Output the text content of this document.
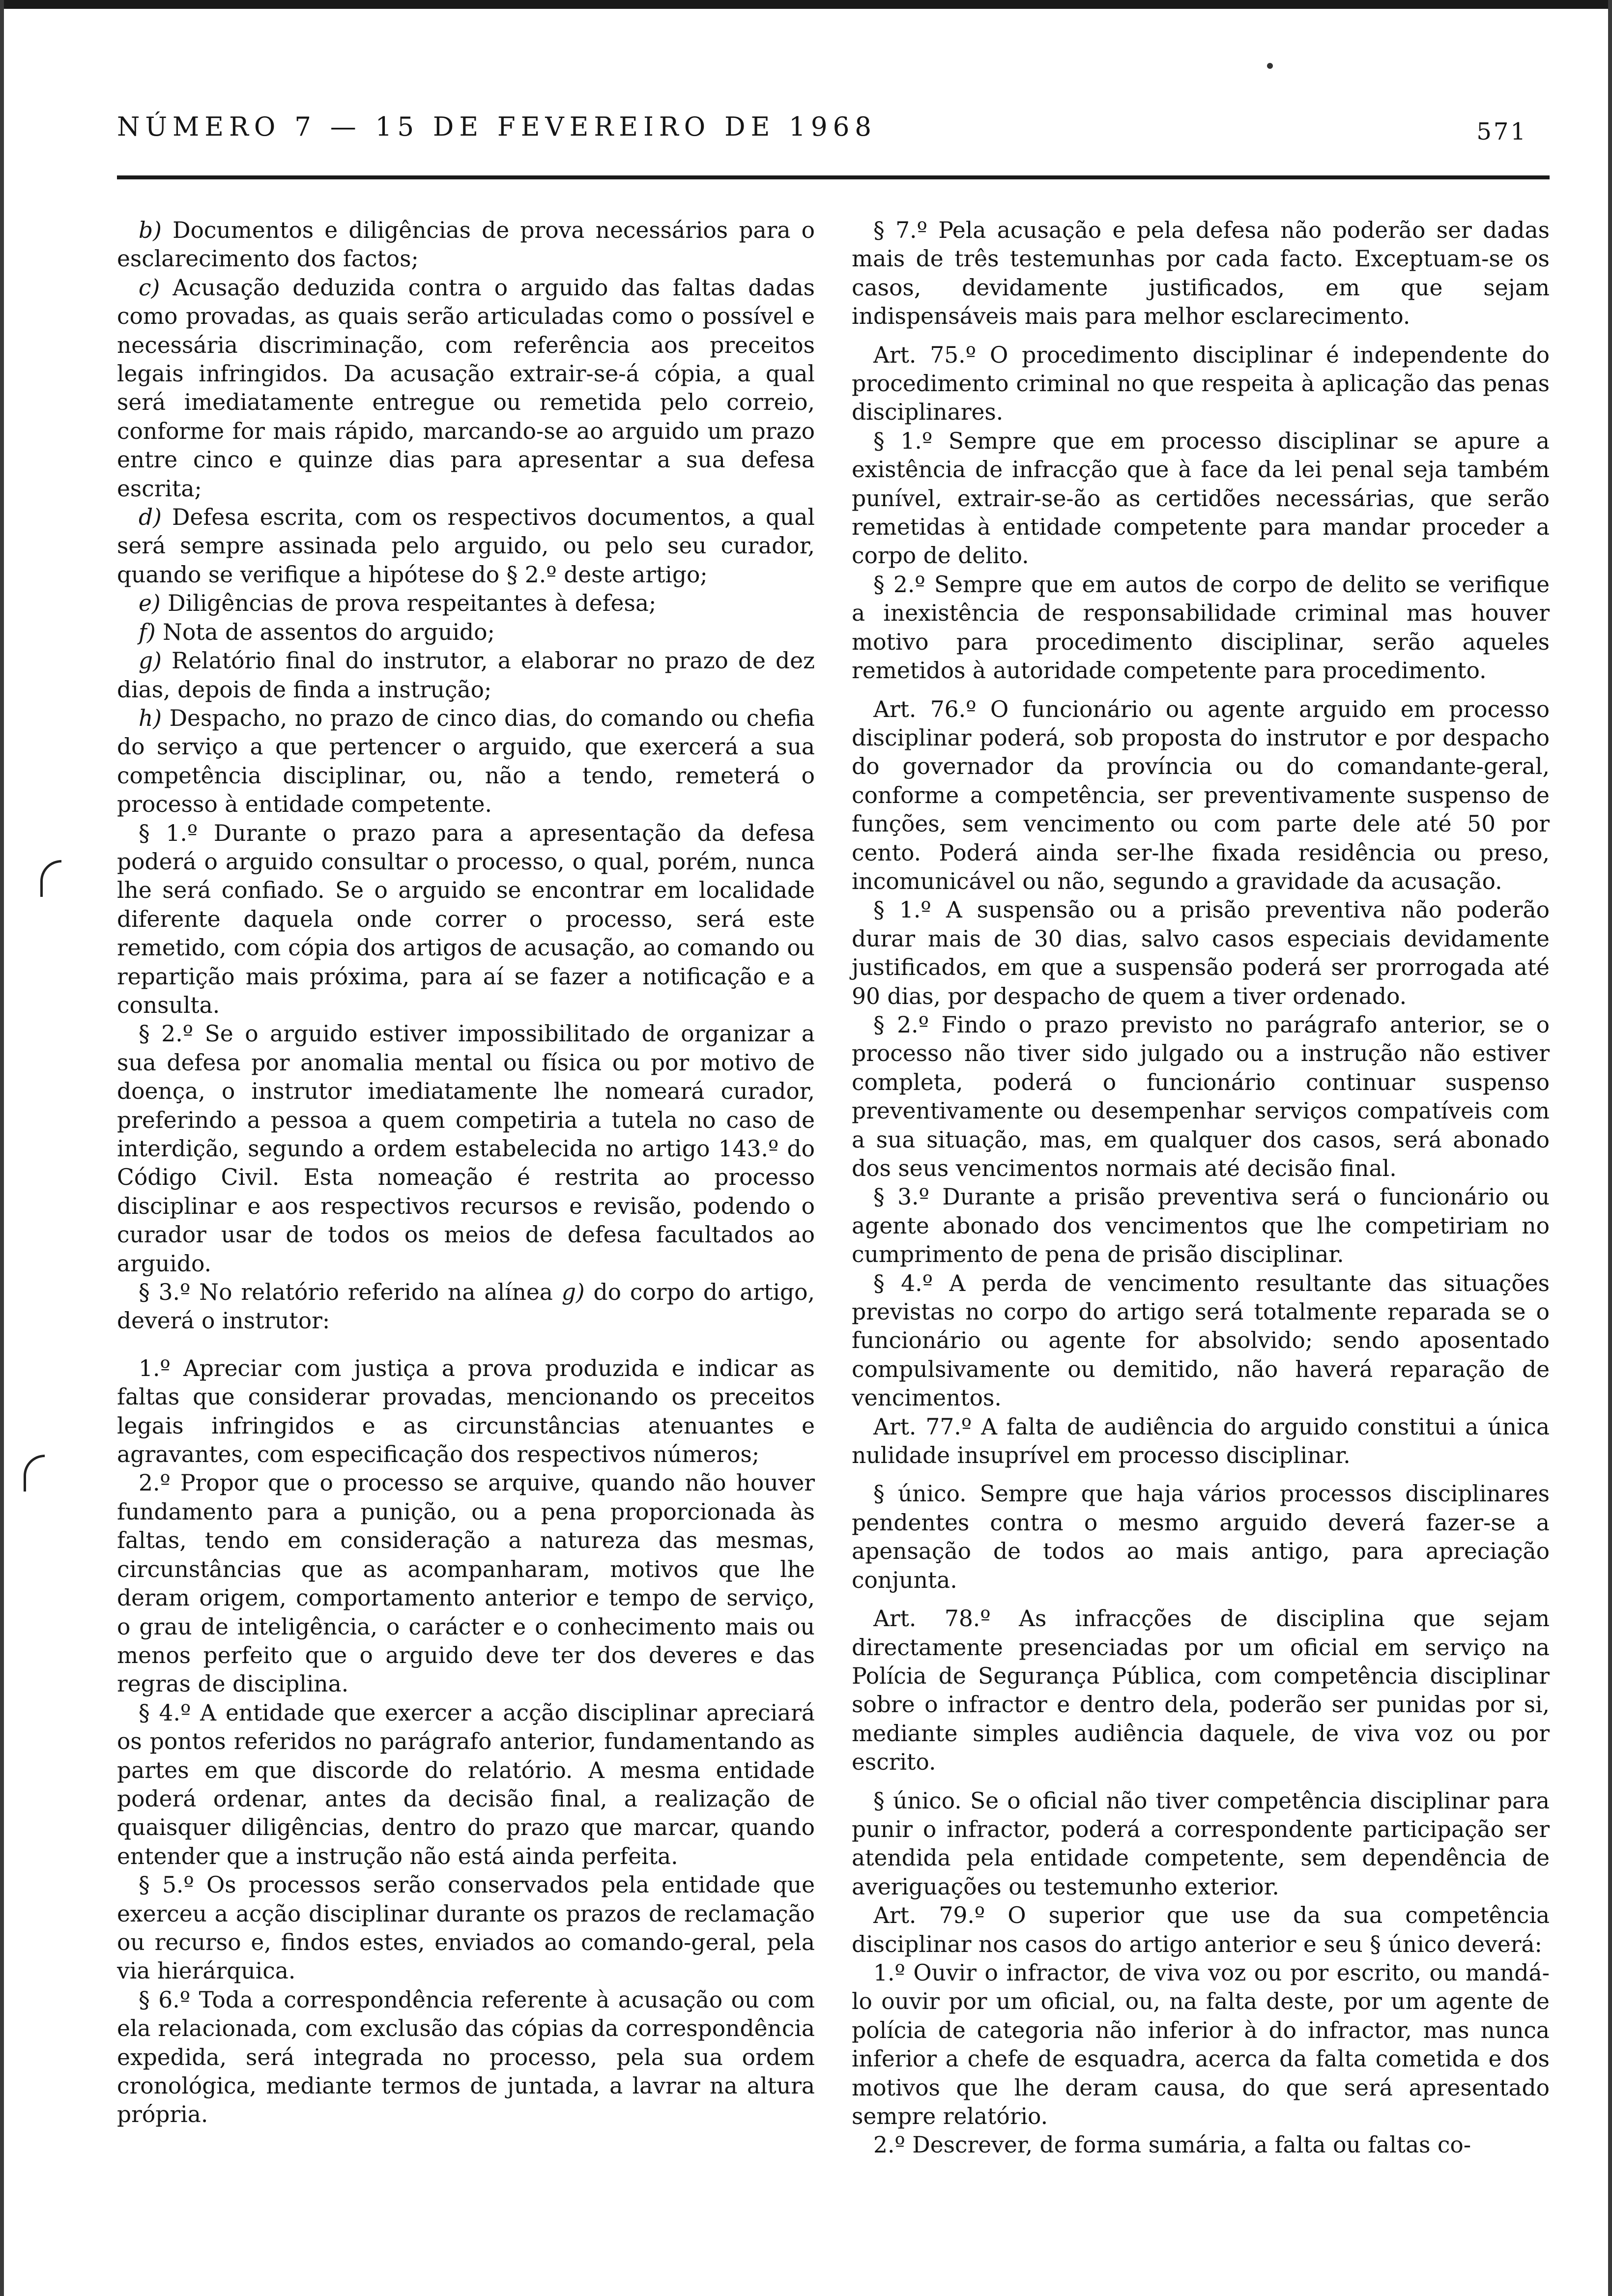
NÚMERO 7 — 15 DE FEVEREIRO DE 1968	571

b) Documentos e diligências de prova necessários para o esclarecimento dos factos;

c) Acusação deduzida contra o arguido das faltas dadas como provadas, as quais serão articuladas como o possível e necessária discriminação, com referência aos preceitos legais infringidos. Da acusação extrair-se-á cópia, a qual será imediatamente entregue ou remetida pelo correio, conforme for mais rápido, marcando-se ao arguido um prazo entre cinco e quinze dias para apresentar a sua defesa escrita;

d) Defesa escrita, com os respectivos documentos, a qual será sempre assinada pelo arguido, ou pelo seu curador, quando se verifique a hipótese do § 2.º deste artigo;

e) Diligências de prova respeitantes à defesa;

f) Nota de assentos do arguido;

g) Relatório final do instrutor, a elaborar no prazo de dez dias, depois de finda a instrução;

h) Despacho, no prazo de cinco dias, do comando ou chefia do serviço a que pertencer o arguido, que exercerá a sua competência disciplinar, ou, não a tendo, remeterá o processo à entidade competente.

§ 1.º Durante o prazo para a apresentação da defesa poderá o arguido consultar o processo, o qual, porém, nunca lhe será confiado. Se o arguido se encontrar em localidade diferente daquela onde correr o processo, será este remetido, com cópia dos artigos de acusação, ao comando ou repartição mais próxima, para aí se fazer a notificação e a consulta.

§ 2.º Se o arguido estiver impossibilitado de organizar a sua defesa por anomalia mental ou física ou por motivo de doença, o instrutor imediatamente lhe nomeará curador, preferindo a pessoa a quem competiria a tutela no caso de interdição, segundo a ordem estabelecida no artigo 143.º do Código Civil. Esta nomeação é restrita ao processo disciplinar e aos respectivos recursos e revisão, podendo o curador usar de todos os meios de defesa facultados ao arguido.

§ 3.º No relatório referido na alínea g) do corpo do artigo, deverá o instrutor:

1.º Apreciar com justiça a prova produzida e indicar as faltas que considerar provadas, mencionando os preceitos legais infringidos e as circunstâncias atenuantes e agravantes, com especificação dos respectivos números;

2.º Propor que o processo se arquive, quando não houver fundamento para a punição, ou a pena proporcionada às faltas, tendo em consideração a natureza das mesmas, circunstâncias que as acompanharam, motivos que lhe deram origem, comportamento anterior e tempo de serviço, o grau de inteligência, o carácter e o conhecimento mais ou menos perfeito que o arguido deve ter dos deveres e das regras de disciplina.

§ 4.º A entidade que exercer a acção disciplinar apreciará os pontos referidos no parágrafo anterior, fundamentando as partes em que discorde do relatório. A mesma entidade poderá ordenar, antes da decisão final, a realização de quaisquer diligências, dentro do prazo que marcar, quando entender que a instrução não está ainda perfeita.

§ 5.º Os processos serão conservados pela entidade que exerceu a acção disciplinar durante os prazos de reclamação ou recurso e, findos estes, enviados ao comando-geral, pela via hierárquica.

§ 6.º Toda a correspondência referente à acusação ou com ela relacionada, com exclusão das cópias da correspondência expedida, será integrada no processo, pela sua ordem cronológica, mediante termos de juntada, a lavrar na altura própria.

§ 7.º Pela acusação e pela defesa não poderão ser dadas mais de três testemunhas por cada facto. Exceptuam-se os casos, devidamente justificados, em que sejam indispensáveis mais para melhor esclarecimento.

Art. 75.º O procedimento disciplinar é independente do procedimento criminal no que respeita à aplicação das penas disciplinares.

§ 1.º Sempre que em processo disciplinar se apure a existência de infracção que à face da lei penal seja também punível, extrair-se-ão as certidões necessárias, que serão remetidas à entidade competente para mandar proceder a corpo de delito.

§ 2.º Sempre que em autos de corpo de delito se verifique a inexistência de responsabilidade criminal mas houver motivo para procedimento disciplinar, serão aqueles remetidos à autoridade competente para procedimento.

Art. 76.º O funcionário ou agente arguido em processo disciplinar poderá, sob proposta do instrutor e por despacho do governador da província ou do comandante-geral, conforme a competência, ser preventivamente suspenso de funções, sem vencimento ou com parte dele até 50 por cento. Poderá ainda ser-lhe fixada residência ou preso, incomunicável ou não, segundo a gravidade da acusação.

§ 1.º A suspensão ou a prisão preventiva não poderão durar mais de 30 dias, salvo casos especiais devidamente justificados, em que a suspensão poderá ser prorrogada até 90 dias, por despacho de quem a tiver ordenado.

§ 2.º Findo o prazo previsto no parágrafo anterior, se o processo não tiver sido julgado ou a instrução não estiver completa, poderá o funcionário continuar suspenso preventivamente ou desempenhar serviços compatíveis com a sua situação, mas, em qualquer dos casos, será abonado dos seus vencimentos normais até decisão final.

§ 3.º Durante a prisão preventiva será o funcionário ou agente abonado dos vencimentos que lhe competiriam no cumprimento de pena de prisão disciplinar.

§ 4.º A perda de vencimento resultante das situações previstas no corpo do artigo será totalmente reparada se o funcionário ou agente for absolvido; sendo aposentado compulsivamente ou demitido, não haverá reparação de vencimentos.

Art. 77.º A falta de audiência do arguido constitui a única nulidade insuprível em processo disciplinar.

§ único. Sempre que haja vários processos disciplinares pendentes contra o mesmo arguido deverá fazer-se a apensação de todos ao mais antigo, para apreciação conjunta.

Art. 78.º As infracções de disciplina que sejam directamente presenciadas por um oficial em serviço na Polícia de Segurança Pública, com competência disciplinar sobre o infractor e dentro dela, poderão ser punidas por si, mediante simples audiência daquele, de viva voz ou por escrito.

§ único. Se o oficial não tiver competência disciplinar para punir o infractor, poderá a correspondente participação ser atendida pela entidade competente, sem dependência de averiguações ou testemunho exterior.

Art. 79.º O superior que use da sua competência disciplinar nos casos do artigo anterior e seu § único deverá:

1.º Ouvir o infractor, de viva voz ou por escrito, ou mandá-lo ouvir por um oficial, ou, na falta deste, por um agente de polícia de categoria não inferior à do infractor, mas nunca inferior a chefe de esquadra, acerca da falta cometida e dos motivos que lhe deram causa, do que será apresentado sempre relatório.

2.º Descrever, de forma sumária, a falta ou faltas co-
